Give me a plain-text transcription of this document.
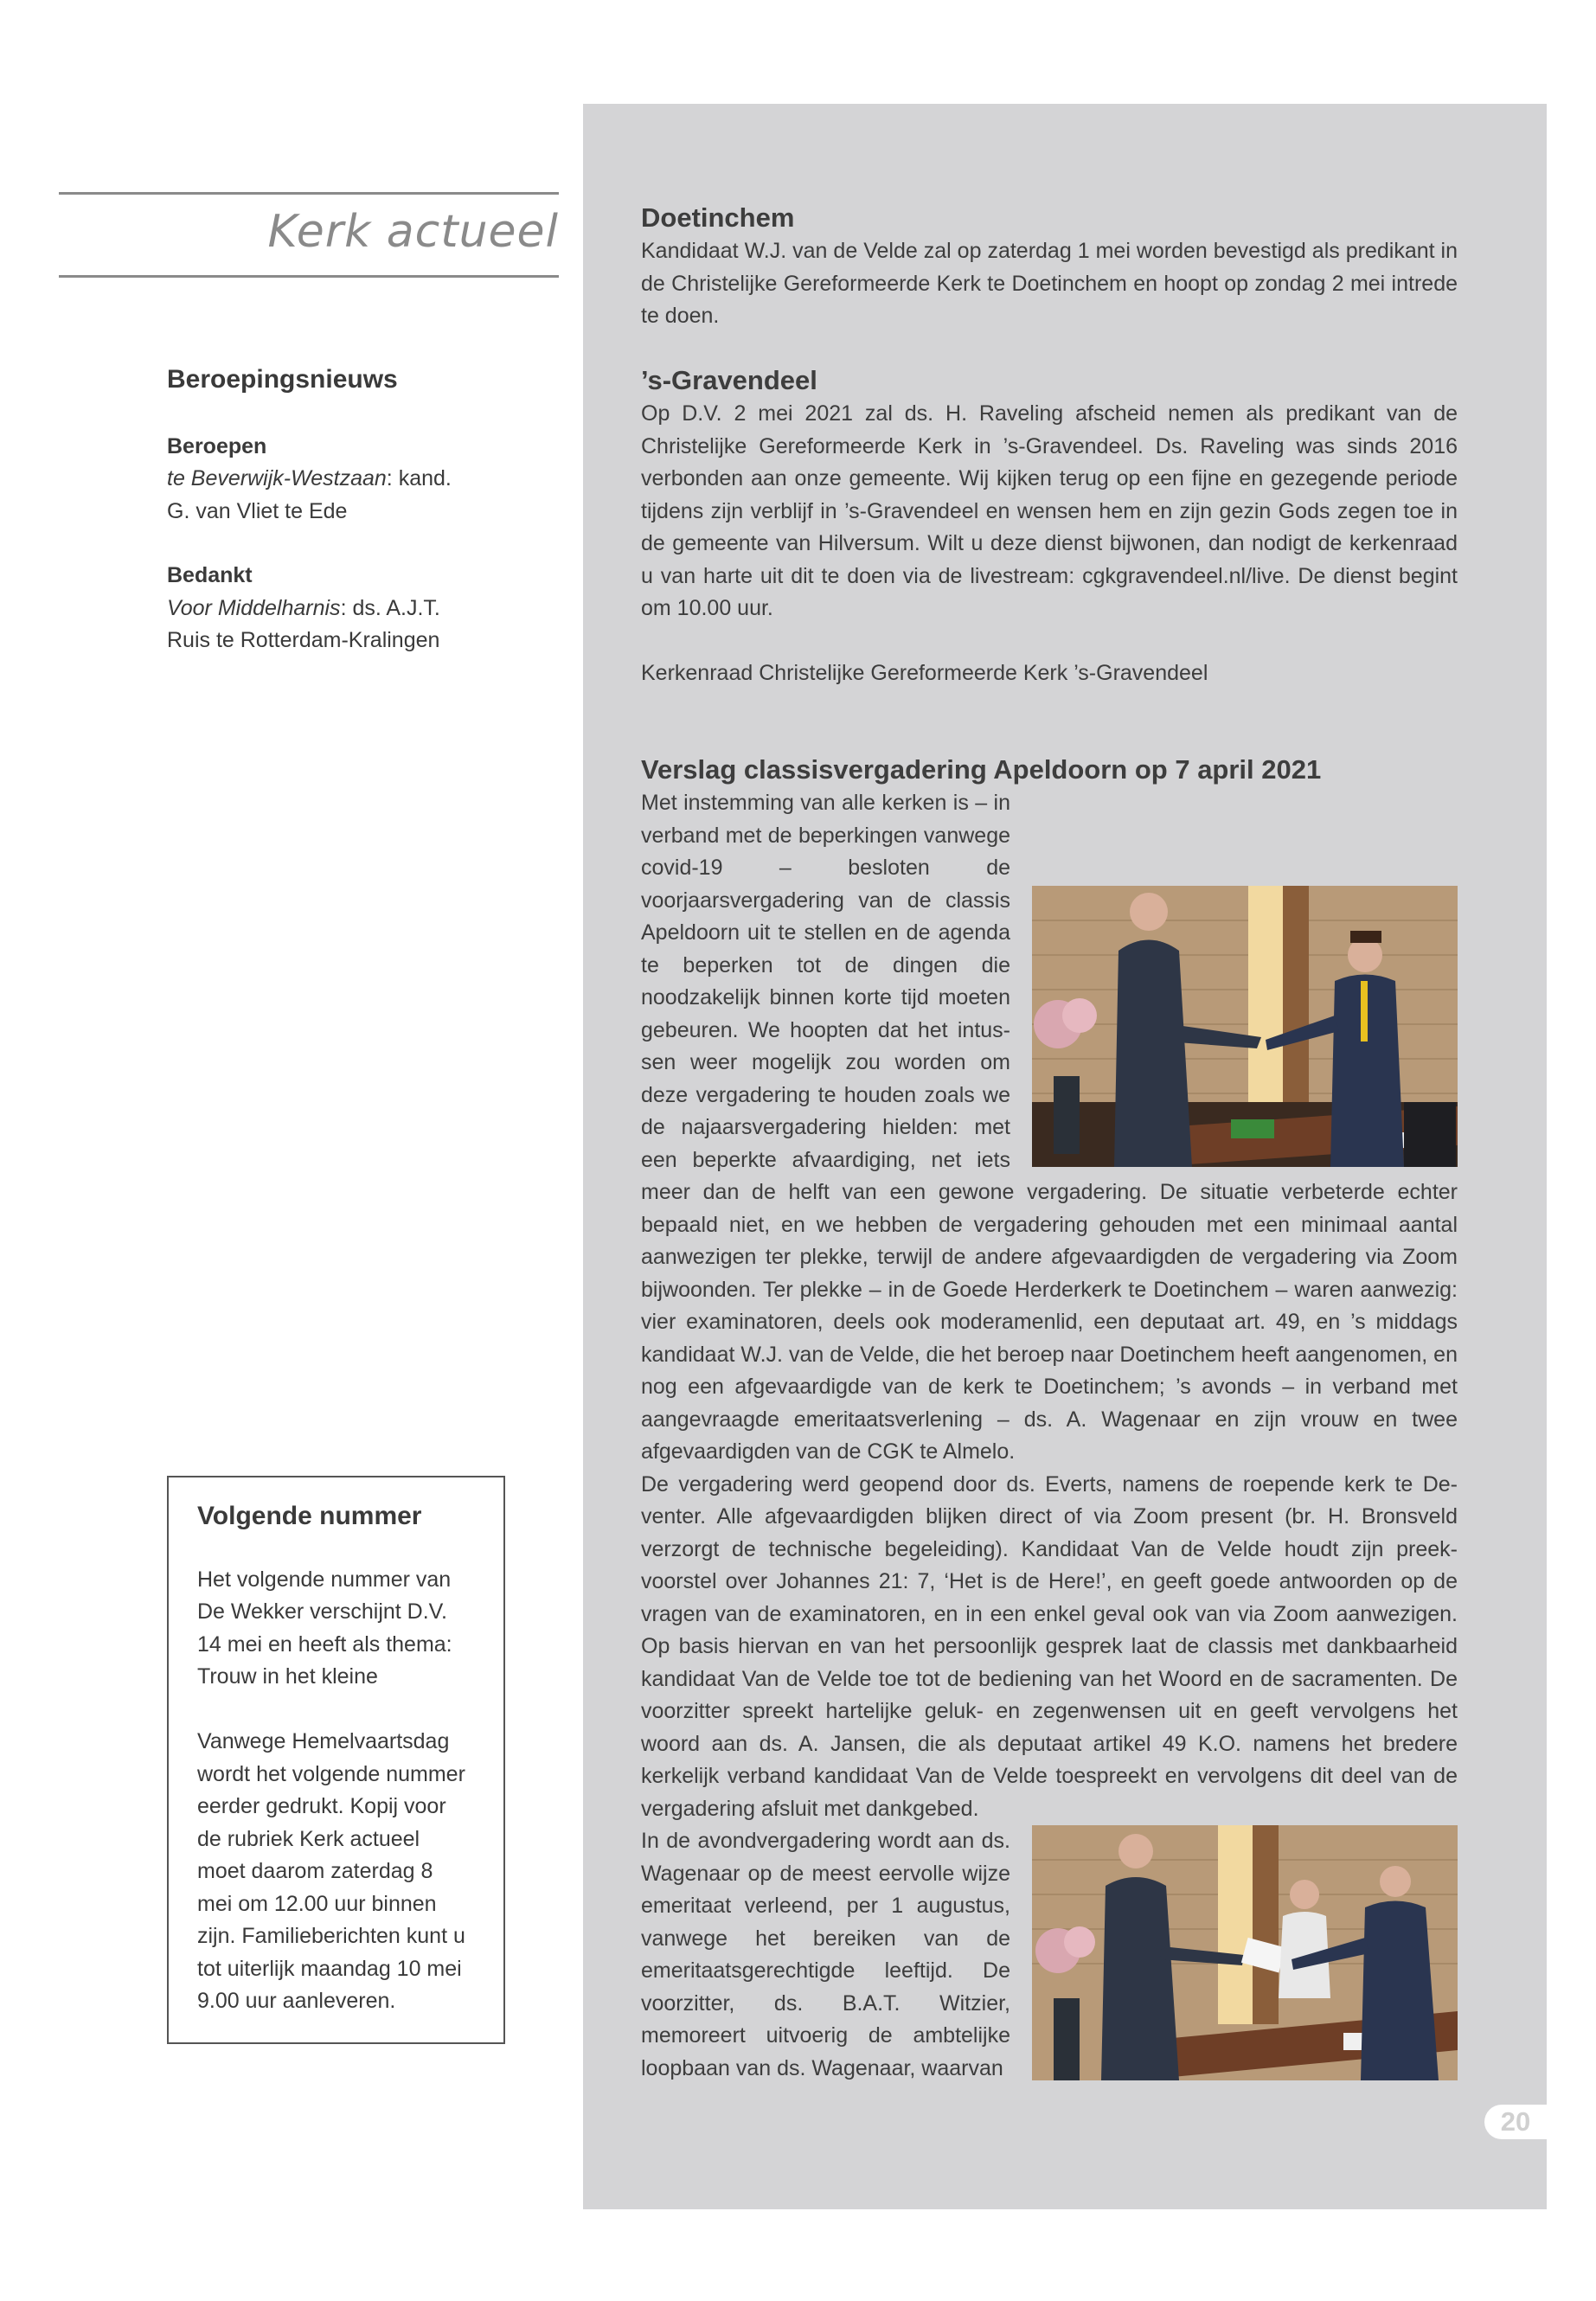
Kerk actueel
Beroepingsnieuws

Beroepen

te Beverwijk-Westzaan: kand.

G. van Vliet te Ede

Bedankt

Voor Middelharnis: ds. A.J.T.

Ruis te Rotterdam-Kralingen

Volgende nummer

Het volgende nummer van

De Wekker verschijnt D.V.

14 mei en heeft als thema:

Trouw in het kleine

Vanwege Hemelvaartsdag

wordt het volgende nummer

eerder gedrukt. Kopij voor

de rubriek Kerk actueel

moet daarom zaterdag 8

mei om 12.00 uur binnen

zijn. Familieberichten kunt u

tot uiterlijk maandag 10 mei

9.00 uur aanleveren.

Doetinchem

Kandidaat W.J. van de Velde zal op zaterdag 1 mei worden bevestigd als predikant in de Christelijke Gereformeerde Kerk te Doetinchem en hoopt op zondag 2 mei intrede te doen.

’s-Gravendeel

Op D.V. 2 mei 2021 zal ds. H. Raveling afscheid nemen als predikant van de Christelijke Gereformeerde Kerk in ’s-Gravendeel. Ds. Raveling was sinds 2016 verbonden aan onze gemeente. Wij kijken terug op een fijne en gezegende periode tijdens zijn verblijf in ’s-Gravendeel en wensen hem en zijn gezin Gods zegen toe in de gemeente van Hilversum. Wilt u deze dienst bijwonen, dan nodigt de kerkenraad u van harte uit dit te doen via de livestream: cgkgravendeel.nl/live. De dienst begint om 10.00 uur.

Kerkenraad Christelijke Gereformeerde Kerk ’s-Gravendeel

Verslag classisvergadering Apeldoorn op 7 april 2021

Met instemming van alle kerken is – in verband met de beperkingen vanwege covid-19 – besloten de voorjaarsvergadering van de classis Apeldoorn uit te stellen en de agenda te beperken tot de dingen die noodzakelijk binnen korte tijd moeten gebeuren. We hoopten dat het intussen weer mogelijk zou worden om deze vergadering te houden zoals we de najaarsvergadering hielden: met een beperkte afvaardiging, net iets meer dan de helft van een gewone vergadering. De situatie verbeterde echter bepaald niet, en we hebben de vergadering gehouden met een minimaal aantal aanwezigen ter plekke, terwijl de andere afgevaardigden de vergadering via Zoom bijwoonden. Ter plekke – in de Goede Herderkerk te Doetinchem – waren aanwezig: vier examinatoren, deels ook moderamenlid, een deputaat art. 49, en ’s middags kandidaat W.J. van de Velde, die het beroep naar Doetinchem heeft aangenomen, en nog een afgevaardigde van de kerk te Doetinchem; ’s avonds – in verband met aangevraagde emeritaatsverlening – ds. A. Wagenaar en zijn vrouw en twee afgevaardigden van de CGK te Almelo.

De vergadering werd geopend door ds. Everts, namens de roepende kerk te Deventer. Alle afgevaardigden blijken direct of via Zoom present (br. H. Bronsveld verzorgt de technische begeleiding). Kandidaat Van de Velde houdt zijn preekvoorstel over Johannes 21: 7, ‘Het is de Here!’, en geeft goede antwoorden op de vragen van de examinatoren, en in een enkel geval ook van via Zoom aanwezigen. Op basis hiervan en van het persoonlijk gesprek laat de classis met dankbaarheid kandidaat Van de Velde toe tot de bediening van het Woord en de sacramenten. De voorzitter spreekt hartelijke geluk- en zegenwensen uit en geeft vervolgens het woord aan ds. A. Jansen, die als deputaat artikel 49 K.O. namens het bredere kerkelijk verband kandidaat Van de Velde toespreekt en vervolgens dit deel van de vergadering afsluit met dankgebed.

In de avondvergadering wordt aan ds. Wagenaar op de meest eervolle wijze emeritaat verleend, per 1 augustus, vanwege het bereiken van de emeritaatsgerechtigde leeftijd. De voorzitter, ds. B.A.T. Witzier, memoreert uitvoerig de ambtelijke loopbaan van ds. Wagenaar, waarvan

20
